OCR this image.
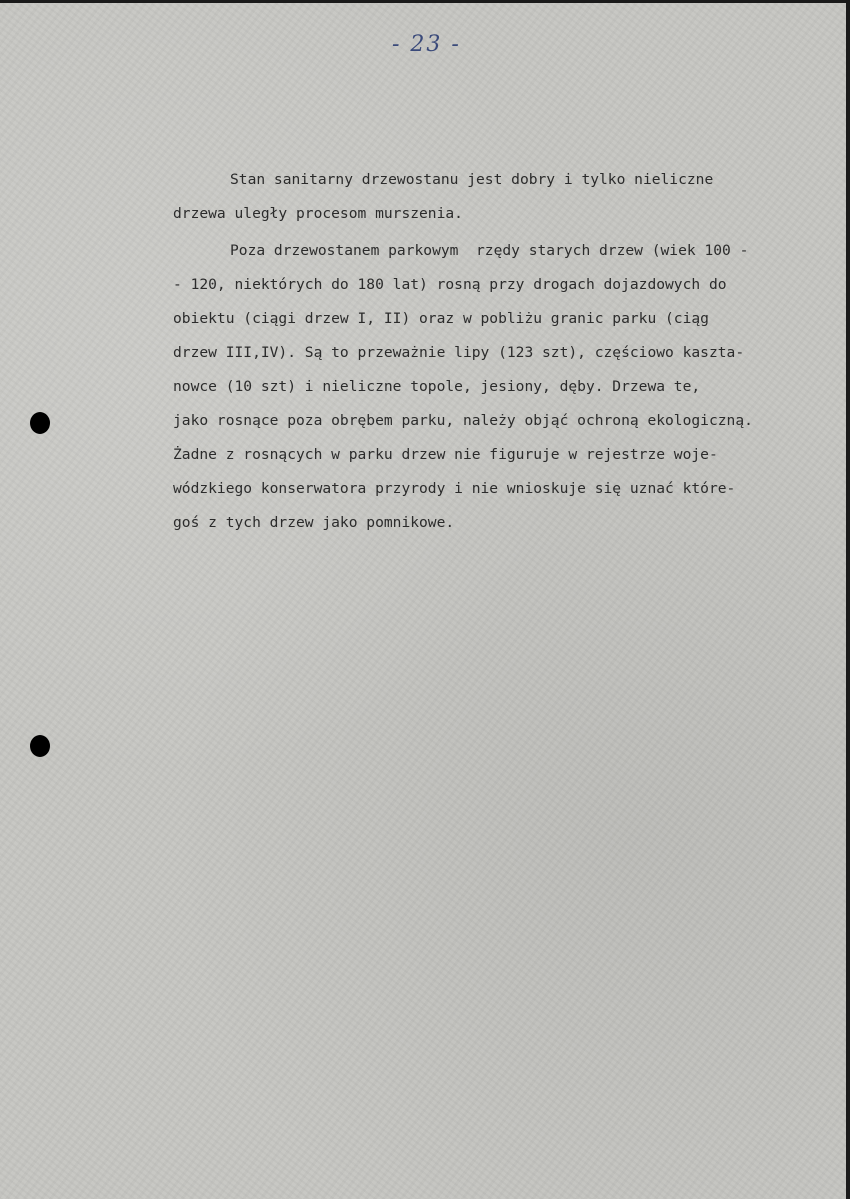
- 23 -
Stan sanitarny drzewostanu jest dobry i tylko nieliczne
drzewa uległy procesom murszenia.
Poza drzewostanem parkowym  rzędy starych drzew (wiek 100 -
- 120, niektórych do 180 lat) rosną przy drogach dojazdowych do
obiektu (ciągi drzew I, II) oraz w pobliżu granic parku (ciąg
drzew III,IV). Są to przeważnie lipy (123 szt), częściowo kaszta-
nowce (10 szt) i nieliczne topole, jesiony, dęby. Drzewa te,
jako rosnące poza obrębem parku, należy objąć ochroną ekologiczną.
Żadne z rosnących w parku drzew nie figuruje w rejestrze woje-
wódzkiego konserwatora przyrody i nie wnioskuje się uznać które-
goś z tych drzew jako pomnikowe.
